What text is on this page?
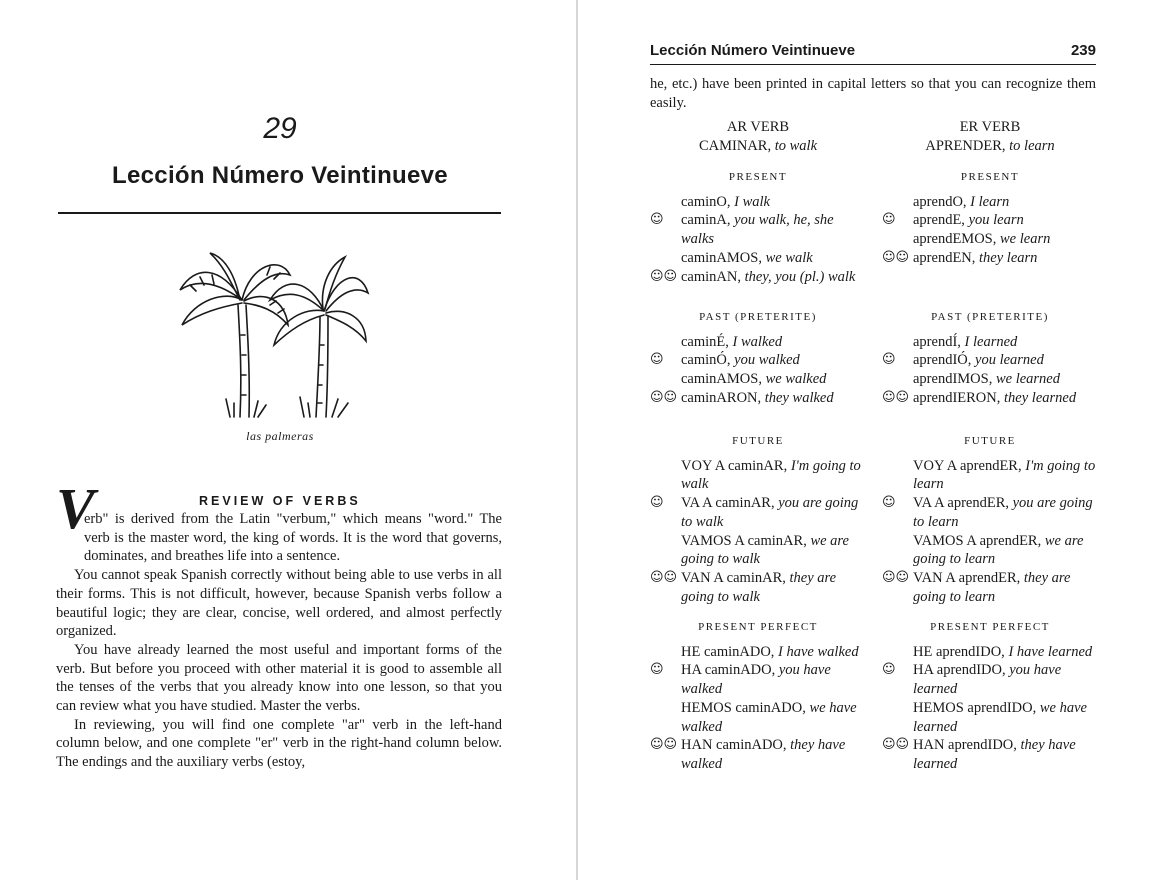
29
Lección Número Veintinueve
las palmeras
V	REVIEW OF VERBS

erb" is derived from the Latin "verbum," which means "word." The verb is the master word, the king of words. It is the word that governs, dominates, and breathes life into a sentence.

You cannot speak Spanish correctly without being able to use verbs in all their forms. This is not difficult, however, because Spanish verbs follow a beautiful logic; they are clear, concise, well ordered, and almost perfectly organized.

You have already learned the most useful and important forms of the verb. But before you proceed with other material it is good to assemble all the tenses of the verbs that you already know into one lesson, so that you can review what you have studied. Master the verbs.

In reviewing, you will find one complete "ar" verb in the left-hand column below, and one complete "er" verb in the right-hand column below. The endings and the auxiliary verbs (estoy,

Lección Número Veintinueve	239
he, etc.) have been printed in capital letters so that you can recognize them easily.
AR VERB
CAMINAR, to walk
PRESENT
caminO, I walk
☺ caminA, you walk, he, she walks
caminAMOS, we walk
☺☺ caminAN, they, you (pl.) walk
PAST (PRETERITE)
caminÉ, I walked
☺ caminÓ, you walked
caminAMOS, we walked
☺☺ caminARON, they walked
FUTURE
VOY A caminAR, I'm going to walk
☺ VA A caminAR, you are going to walk
VAMOS A caminAR, we are going to walk
☺☺ VAN A caminAR, they are going to walk
PRESENT PERFECT
HE caminADO, I have walked
☺ HA caminADO, you have walked
HEMOS caminADO, we have walked
☺☺ HAN caminADO, they have walked
ER VERB
APRENDER, to learn
PRESENT
aprendO, I learn
☺ aprendE, you learn
aprendEMOS, we learn
☺☺ aprendEN, they learn
PAST (PRETERITE)
aprendÍ, I learned
☺ aprendIÓ, you learned
aprendIMOS, we learned
☺☺ aprendIERON, they learned
FUTURE
VOY A aprendER, I'm going to learn
☺ VA A aprendER, you are going to learn
VAMOS A aprendER, we are going to learn
☺☺ VAN A aprendER, they are going to learn
PRESENT PERFECT
HE aprendIDO, I have learned
☺ HA aprendIDO, you have learned
HEMOS aprendIDO, we have learned
☺☺ HAN aprendIDO, they have learned
